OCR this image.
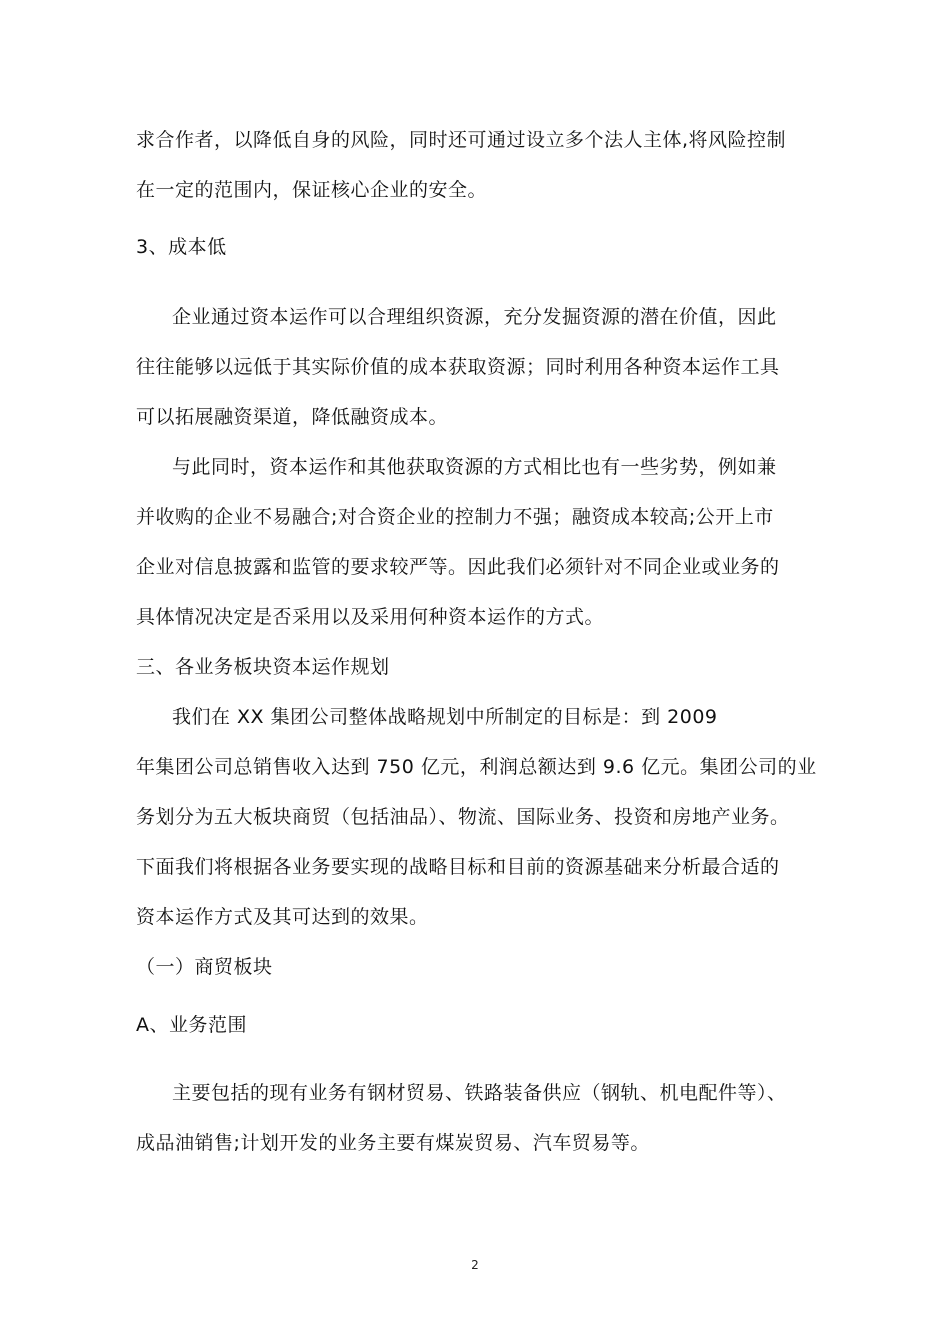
求合作者，以降低自身的风险，同时还可通过设立多个法人主体,将风险控制
在一定的范围内，保证核心企业的安全。
3、成本低
企业通过资本运作可以合理组织资源，充分发掘资源的潜在价值，因此
往往能够以远低于其实际价值的成本获取资源；同时利用各种资本运作工具
可以拓展融资渠道，降低融资成本。
与此同时，资本运作和其他获取资源的方式相比也有一些劣势，例如兼
并收购的企业不易融合;对合资企业的控制力不强；融资成本较高;公开上市
企业对信息披露和监管的要求较严等。因此我们必须针对不同企业或业务的
具体情况决定是否采用以及采用何种资本运作的方式。
三、各业务板块资本运作规划
我们在 XX 集团公司整体战略规划中所制定的目标是：到 2009
年集团公司总销售收入达到 750 亿元，利润总额达到 9.6 亿元。集团公司的业
务划分为五大板块商贸（包括油品）、物流、国际业务、投资和房地产业务。
下面我们将根据各业务要实现的战略目标和目前的资源基础来分析最合适的
资本运作方式及其可达到的效果。
（一）商贸板块
A、业务范围
主要包括的现有业务有钢材贸易、铁路装备供应（钢轨、机电配件等）、
成品油销售;计划开发的业务主要有煤炭贸易、汽车贸易等。
2
